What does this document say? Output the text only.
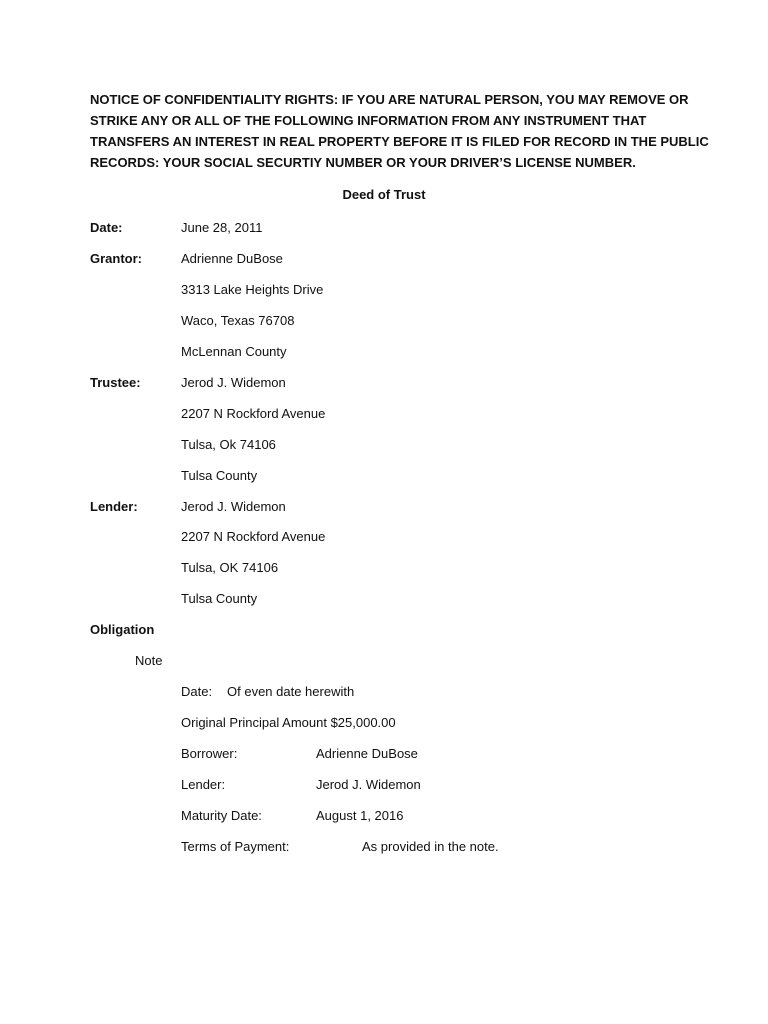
NOTICE OF CONFIDENTIALITY RIGHTS: IF YOU ARE NATURAL PERSON, YOU MAY REMOVE OR
STRIKE ANY OR ALL OF THE FOLLOWING INFORMATION FROM ANY INSTRUMENT THAT
TRANSFERS AN INTEREST IN REAL PROPERTY BEFORE IT IS FILED FOR RECORD IN THE PUBLIC
RECORDS: YOUR SOCIAL SECURTIY NUMBER OR YOUR DRIVER’S LICENSE NUMBER.
Deed of Trust
Date:	June 28, 2011
Grantor:	Adrienne DuBose
3313 Lake Heights Drive
Waco, Texas 76708
McLennan County
Trustee:	Jerod J. Widemon
2207 N Rockford Avenue
Tulsa, Ok 74106
Tulsa County
Lender:	Jerod J. Widemon
2207 N Rockford Avenue
Tulsa, OK 74106
Tulsa County
Obligation
Note
Date: Of even date herewith
Original Principal Amount $25,000.00
Borrower:	Adrienne DuBose
Lender:	Jerod J. Widemon
Maturity Date:	August 1, 2016
Terms of Payment:	As provided in the note.
